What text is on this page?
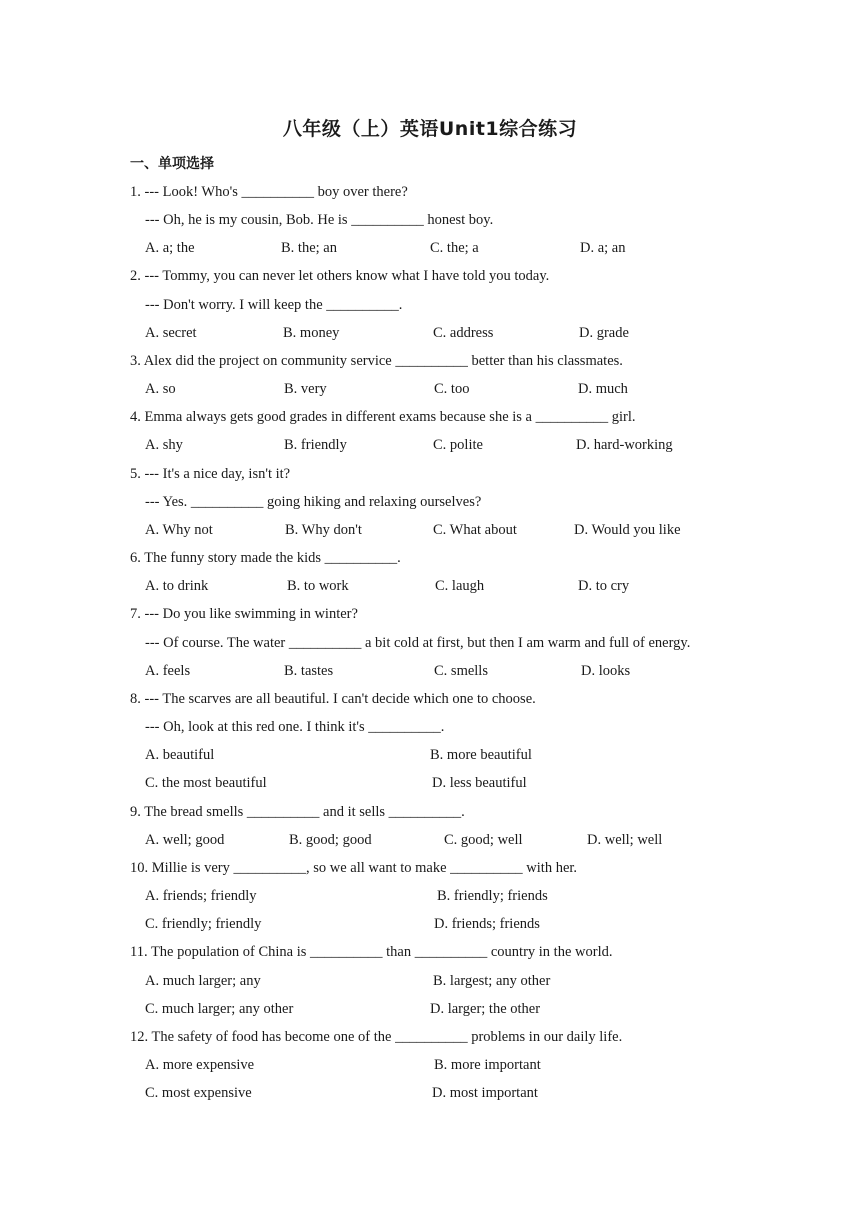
八年级（上）英语Unit1综合练习
一、单项选择
1. --- Look! Who's __________ boy over there?
--- Oh, he is my cousin, Bob. He is __________ honest boy.
A. a; the	B. the; an	C. the; a	D. a; an
2. --- Tommy, you can never let others know what I have told you today.
--- Don't worry. I will keep the __________.
A. secret	B. money	C. address	D. grade
3. Alex did the project on community service __________ better than his classmates.
A. so	B. very	C. too	D. much
4. Emma always gets good grades in different exams because she is a __________ girl.
A. shy	B. friendly	C. polite	D. hard-working
5. --- It's a nice day, isn't it?
--- Yes. __________ going hiking and relaxing ourselves?
A. Why not	B. Why don't	C. What about	D. Would you like
6. The funny story made the kids __________.
A. to drink	B. to work	C. laugh	D. to cry
7. --- Do you like swimming in winter?
--- Of course. The water __________ a bit cold at first, but then I am warm and full of energy.
A. feels	B. tastes	C. smells	D. looks
8. --- The scarves are all beautiful. I can't decide which one to choose.
--- Oh, look at this red one. I think it's __________.
A. beautiful	B. more beautiful
C. the most beautiful	D. less beautiful
9. The bread smells __________ and it sells __________.
A. well; good	B. good; good	C. good; well	D. well; well
10. Millie is very __________, so we all want to make __________ with her.
A. friends; friendly	B. friendly; friends
C. friendly; friendly	D. friends; friends
11. The population of China is __________ than __________ country in the world.
A. much larger; any	B. largest; any other
C. much larger; any other	D. larger; the other
12. The safety of food has become one of the __________ problems in our daily life.
A. more expensive	B. more important
C. most expensive	D. most important
